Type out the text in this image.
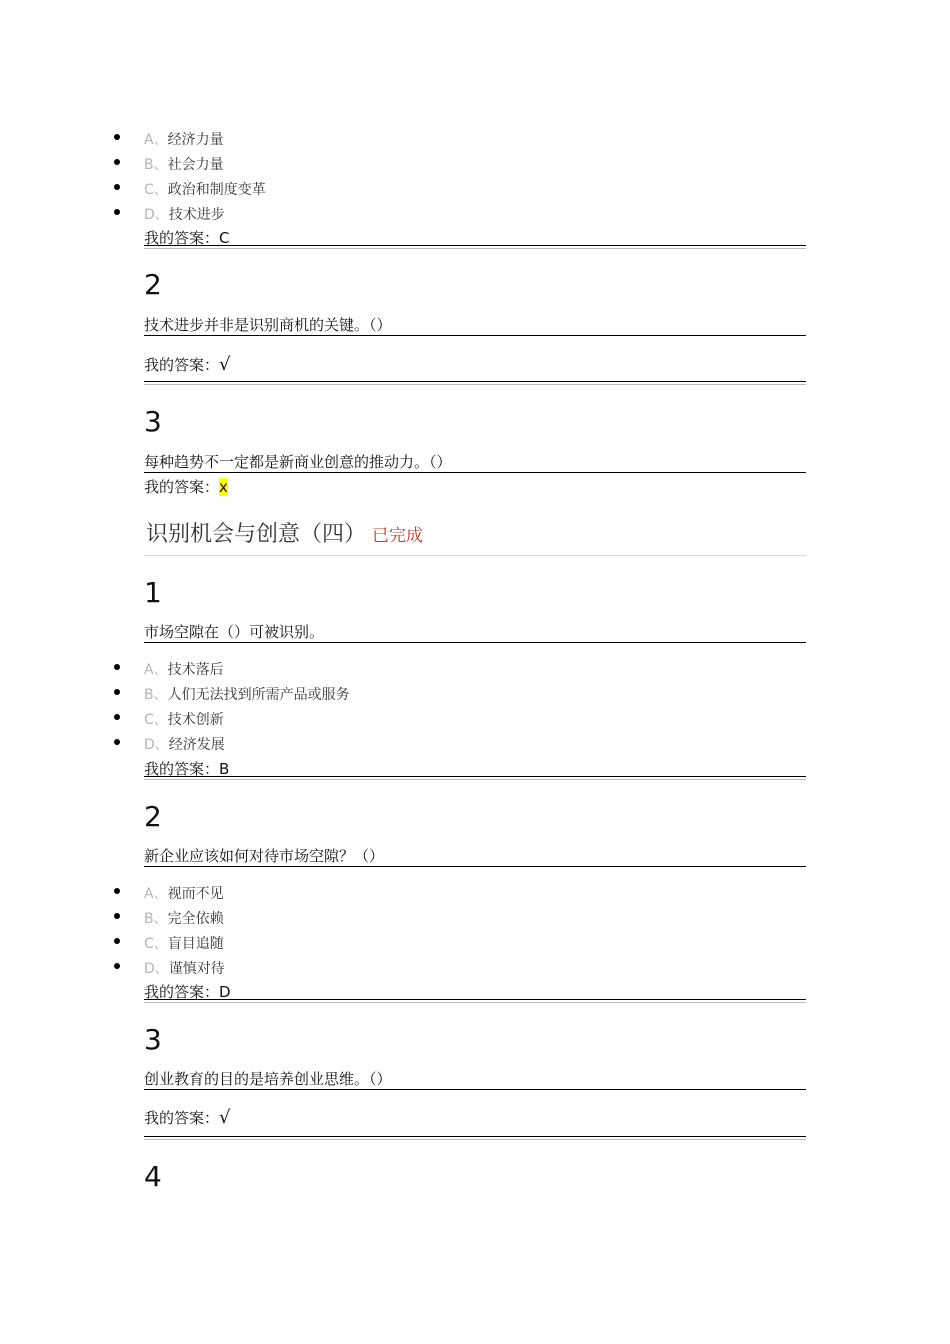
A、经济力量
B、社会力量
C、政治和制度变革
D、技术进步
我的答案：C
2
技术进步并非是识别商机的关键。（）
我的答案：√
3
每种趋势不一定都是新商业创意的推动力。（）
我的答案：x
识别机会与创意（四） 已完成
1
市场空隙在（）可被识别。
A、技术落后
B、人们无法找到所需产品或服务
C、技术创新
D、经济发展
我的答案：B
2
新企业应该如何对待市场空隙？（）
A、视而不见
B、完全依赖
C、盲目追随
D、谨慎对待
我的答案：D
3
创业教育的目的是培养创业思维。（）
我的答案：√
4
